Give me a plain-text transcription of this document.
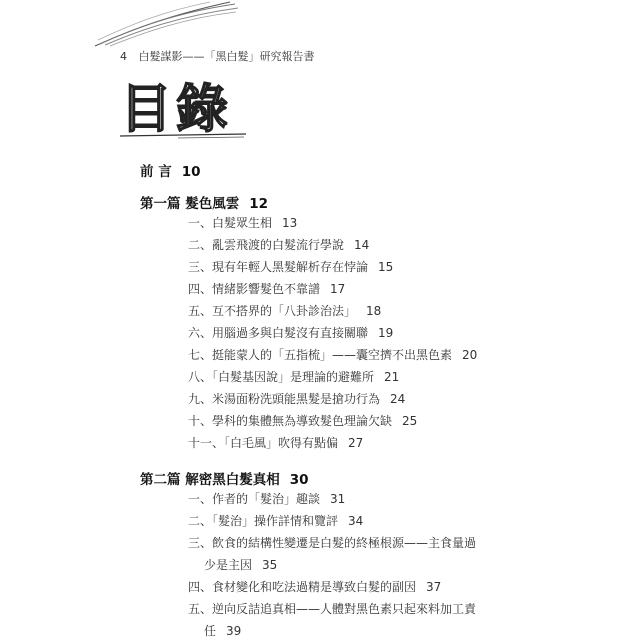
4 白髮謀影——「黑白髮」研究報告書
目錄
前 言 10
第一篇 髮色風雲 12
一、白髮眾生相 13
二、亂雲飛渡的白髮流行學說 14
三、現有年輕人黑髮解析存在悖論 15
四、情緒影響髮色不靠譜 17
五、互不搭界的「八卦診治法」 18
六、用腦過多與白髮沒有直接關聯 19
七、挺能蒙人的「五指梳」——囊空擠不出黑色素 20
八、「白髮基因說」是理論的避難所 21
九、米湯面粉洗頭能黑髮是搶功行為 24
十、學科的集體無為導致髮色理論欠缺 25
十一、「白毛風」吹得有點偏 27
第二篇 解密黑白髮真相 30
一、作者的「髮治」趣談 31
二、「髮治」操作詳情和覽評 34
三、飲食的結構性變遷是白髮的終極根源——主食量過
少是主因 35
四、食材變化和吃法過精是導致白髮的副因 37
五、逆向反詰追真相——人體對黑色素只起來料加工責
任 39
